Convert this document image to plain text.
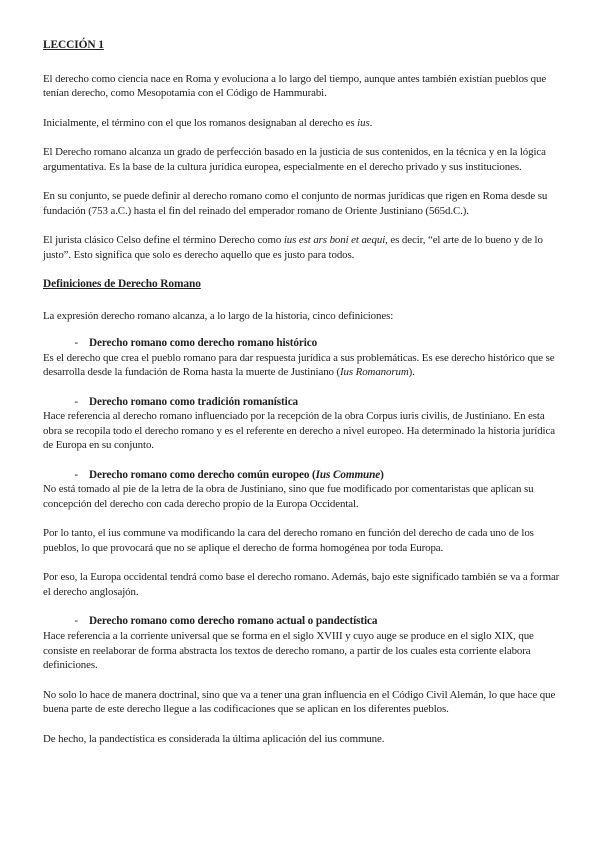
LECCIÓN 1

El derecho como ciencia nace en Roma y evoluciona a lo largo del tiempo, aunque antes también existían pueblos que tenían derecho, como Mesopotamia con el Código de Hammurabi.

Inicialmente, el término con el que los romanos designaban al derecho es ius.

El Derecho romano alcanza un grado de perfección basado en la justicia de sus contenidos, en la técnica y en la lógica argumentativa. Es la base de la cultura jurídica europea, especialmente en el derecho privado y sus instituciones.

En su conjunto, se puede definir al derecho romano como el conjunto de normas jurídicas que rigen en Roma desde su fundación (753 a.C.) hasta el fin del reinado del emperador romano de Oriente Justiniano (565d.C.).

El jurista clásico Celso define el término Derecho como ius est ars boni et aequi, es decir, “el arte de lo bueno y de lo justo”. Esto significa que solo es derecho aquello que es justo para todos.

Definiciones de Derecho Romano

La expresión derecho romano alcanza, a lo largo de la historia, cinco definiciones:

- Derecho romano como derecho romano histórico

Es el derecho que crea el pueblo romano para dar respuesta jurídica a sus problemáticas. Es ese derecho histórico que se desarrolla desde la fundación de Roma hasta la muerte de Justiniano (Ius Romanorum).

- Derecho romano como tradición romanística

Hace referencia al derecho romano influenciado por la recepción de la obra Corpus iuris civilis, de Justiniano. En esta obra se recopila todo el derecho romano y es el referente en derecho a nivel europeo. Ha determinado la historia jurídica de Europa en su conjunto.

- Derecho romano como derecho común europeo (Ius Commune)

No está tomado al pie de la letra de la obra de Justiniano, sino que fue modificado por comentaristas que aplican su concepción del derecho con cada derecho propio de la Europa Occidental.

Por lo tanto, el ius commune va modificando la cara del derecho romano en función del derecho de cada uno de los pueblos, lo que provocará que no se aplique el derecho de forma homogénea por toda Europa.

Por eso, la Europa occidental tendrá como base el derecho romano. Además, bajo este significado también se va a formar el derecho anglosajón.

- Derecho romano como derecho romano actual o pandectística

Hace referencia a la corriente universal que se forma en el siglo XVIII y cuyo auge se produce en el siglo XIX, que consiste en reelaborar de forma abstracta los textos de derecho romano, a partir de los cuales esta corriente elabora definiciones.

No solo lo hace de manera doctrinal, sino que va a tener una gran influencia en el Código Civil Alemán, lo que hace que buena parte de este derecho llegue a las codificaciones que se aplican en los diferentes pueblos.

De hecho, la pandectística es considerada la última aplicación del ius commune.
